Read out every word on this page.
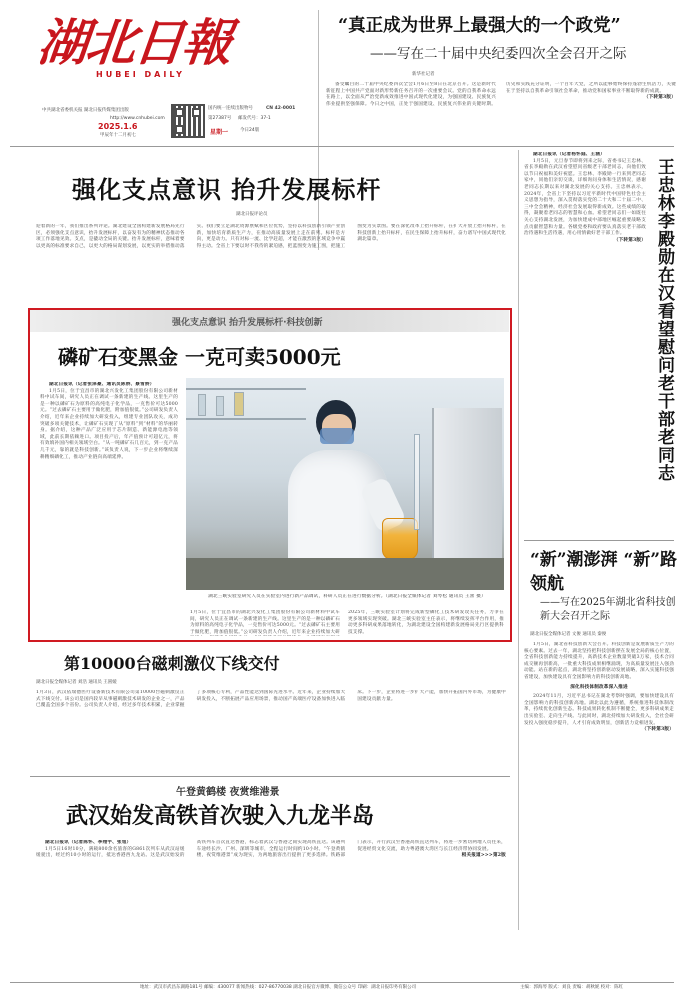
湖北日報
HUBEI DAILY
中共湖北省委机关报 湖北日报传媒集团出版
http://www.cnhubei.com
2025.1.6
甲辰年十二月初七
国内统一连续出版物号	CN 42-0001
第27387号 邮发代号：37-1
星期一	今日24版
“真正成为世界上最强大的一个政党”
——写在二十届中央纪委四次全会召开之际
新华社记者

备受瞩目的二十届中央纪委四次全会1月6日至8日在北京召开。这是新时代新征程上中国共产党面对新形势新任务召开的一次重要会议。党的自我革命永远在路上，以全面从严治党新成效推进中国式现代化建设，为强国建设、民族复兴伟业提供坚强保障。今日之中国，正处于强国建设、民族复兴伟业的关键时期。历史和实践充分证明，一个百年大党，之所以能够始终保持蓬勃生机活力，关键在于坚持以自我革命引领社会革命，推动党和国家事业不断取得新的成就。

（下转第3版）

强化支点意识 抬升发展标杆
湖北日报评论员
迎着新的一年，我们推出系列评论。湖北建设全国构建新发展格局先行区，必须强化支点意识，抬升发展标杆，以奋发有为的精神状态推动各项工作落地见效。支点，是撬动全局的关键。抬升发展标杆，意味着要以更高的标准要求自己，以更大的格局谋划发展，以更实的举措推动落实。我们要立足湖北资源禀赋和区位优势，坚持以科技创新引领产业创新，加快培育新质生产力，在推动高质量发展上走在前列。标杆是方向，更是动力。只有对标一流、比学赶超，才能在激烈的区域竞争中赢得主动。全省上下要以时不我待的紧迫感，把蓝图变为施工图，把施工图变为实景图。要在深化改革上抬升标杆，在扩大开放上抬升标杆，在科技创新上抬升标杆，在民生保障上抬升标杆，奋力谱写中国式现代化湖北篇章。
强化支点意识 抬升发展标杆·科技创新
磷矿石变黑金 一克可卖5000元

湖北日报讯（记者张泽豪、通讯员陈娇、蔡雪娇）

1月5日，位于宜昌市的湖北兴发化工集团股份有限公司新材料中试车间，研究人员正在调试一条新建的生产线。这里生产的是一种以磷矿石为原料的高纯电子化学品，一克售价可达5000元。“过去磷矿石主要用于做化肥，附加值很低。”公司研发负责人介绍，近年来企业持续加大研发投入，组建专业团队攻关，成功突破多项关键技术，让磷矿石实现了从“原料”到“材料”的华丽转身。据介绍，这种产品广泛应用于芯片制造、新能源电池等领域，此前长期依赖进口。项目投产后，年产值预计可超亿元，将有效填补国内相关领域空白。“从一吨磷矿石几百元，到一克产品几千元，靠的就是科技创新。”该负责人说，下一步企业将继续深耕精细磷化工，推动产业链向高端延伸。

湖北三峡实验室研究人员在实验室内进行新产品调试，科研人员正在进行数据分析。（湖北日报全媒体记者 刘琴松 通讯员 王蕾 摄）
2025年，三峡实验室计划将完成新型磷化工技术研发攻关任务，力争在更多领域实现突破。湖北三峡实验室主任表示，将继续发挥平台作用，推动更多科研成果落地转化，为湖北建设全国构建新发展格局先行区提供科技支撑。
1月5日，位于宜昌市的湖北兴发化工集团股份有限公司新材料中试车间，研究人员正在调试一条新建的生产线。这里生产的是一种以磷矿石为原料的高纯电子化学品，一克售价可达5000元。“过去磷矿石主要用于做化肥，附加值很低。”公司研发负责人介绍，近年来企业持续加大研
第10000台磁刺激仪下线交付
湖北日报全媒体记者 刘浩 通讯员 王圆媛
1月3日，武汉依瑞德医疗设备新技术有限公司第10000台磁刺激仪正式下线交付。该公司是国内较早从事磁刺激技术研发的企业之一，产品已覆盖全国多个省份。公司负责人介绍，经过多年技术积累，企业掌握了多项核心专利，产品性能达到国际先进水平。近年来，企业持续加大研发投入，不断拓展产品应用场景，推动国产高端医疗设备加快进入临床。下一步，企业将进一步扩大产能，加快开拓国内外市场，为健康中国建设贡献力量。
午登黄鹤楼 夜赏维港景
武汉始发高铁首次驶入九龙半岛

湖北日报讯（记者陈怀、李翔宇、张旭）

1月5日16时10分，满载800余名旅客的G861次列车从武汉站缓缓驶出，经过约10小时的运行，抵达香港西九龙站。这是武汉始发的高铁列车首次直达香港，标志着武汉与香港之间实现高铁直达。该趟列车途经长沙、广州、深圳等城市，全程运行时间约10小时。“午登黄鹤楼，夜赏维港景”成为现实，为两地旅客出行提供了更多选择。铁路部门表示，开行武汉至香港高铁直达列车，将进一步密切两地人员往来，促进经贸文化交流，助力粤港澳大湾区与长江经济带协同发展。

相关报道>>>第2版

湖北日报讯（记者杨怀庭、王涵）

1月5日，元旦春节即将到来之际，省委书记王忠林、省长李殿勋在武汉看望慰问省级老干部老同志，向他们致以节日祝福和美好祝愿。王忠林、李殿勋一行来到老同志家中，同他们亲切交谈，详细询问身体和生活情况，感谢老同志长期以来对湖北发展的关心支持。王忠林表示，2024年，全省上下坚持以习近平新时代中国特色社会主义思想为指导，深入贯彻落实党的二十大和二十届二中、三中全会精神，经济社会发展取得新成效。这些成绩的取得，凝聚着老同志的智慧和心血。希望老同志们一如既往关心支持湖北发展，为加快建成中部地区崛起重要战略支点贡献智慧和力量。各级党委和政府要认真落实老干部政治待遇和生活待遇，用心用情做好老干部工作。

（下转第3版） 王忠林李殿勋在汉看望慰问老干部老同志
“新”潮澎湃 “新”路领航
——写在2025年湖北省科技创新大会召开之际
湖北日报全媒体记者 文俊 通讯员 秦俊

1月5日，湖北省科技创新大会召开。科技创新是发展新质生产力的核心要素。过去一年，湖北坚持把科技创新摆在发展全局的核心位置，全省科技创新能力持续提升，高新技术企业数量突破3万家，技术合同成交额再创新高，一批重大科技成果相继涌现，为高质量发展注入强劲动能。站在新的起点，湖北将坚持创新驱动发展战略，深入实施科技强省建设，加快建设具有全国影响力的科技创新高地。

深化科技体制改革深入推进

2024年11月，习近平总书记在湖北考察时强调，要加快建设具有全国影响力的科技创新高地。湖北以此为遵循，系统推进科技体制改革，持续优化创新生态。科技成果转化机制不断健全，更多科研成果走出实验室、走向生产线。与此同时，湖北持续加大研发投入，全社会研发投入强度稳步提升，人才引育成效明显，创新活力竞相迸发。

（下转第3版）

地址：武汉市武昌东湖路181号 邮编：430077 新闻热线：027-86770038 湖北日报官方微博、微信公众号 印刷：湖北日报印务有限公司	主编：郭海琴 版式：刘良 责编：胡秋妮 校对：陈红
